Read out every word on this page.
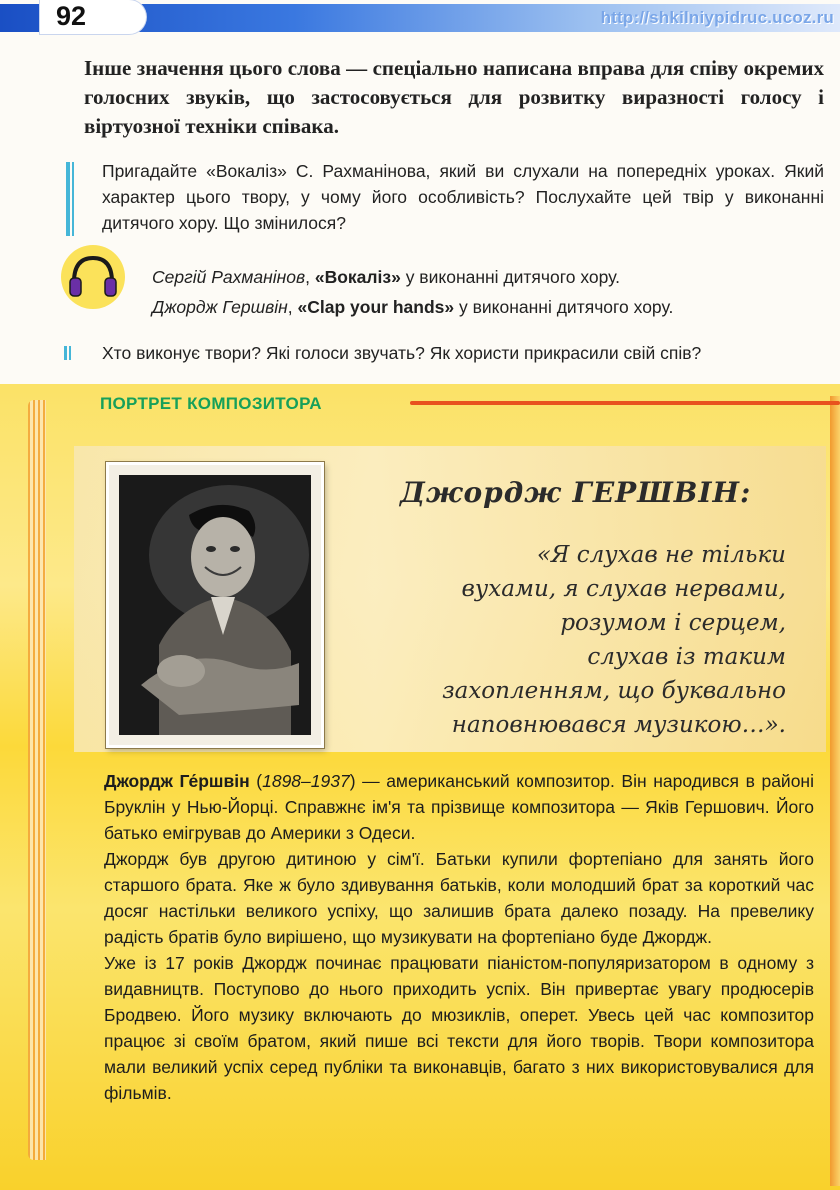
92	http://shkilniypidruc.ucoz.ru

Інше значення цього слова — спеціально написана вправа для співу окремих голосних звуків, що застосовується для розвитку виразності голосу і віртуозної техніки співака.

Пригадайте «Вокаліз» С. Рахманінова, який ви слухали на попередніх уроках. Який характер цього твору, у чому його особливість? Послухайте цей твір у виконанні дитячого хору. Що змінилося?

Сергій Рахманінов, «Вокаліз» у виконанні дитячого хору.
Джордж Гершвін, «Clap your hands» у виконанні дитячого хору.

Хто виконує твори? Які голоси звучать? Як хористи прикрасили свій спів?

ПОРТРЕТ КОМПОЗИТОРА
Джордж ГЕРШВІН:
«Я слухав не тільки
вухами, я слухав нервами,
розумом і серцем,
слухав із таким
захопленням, що буквально
наповнювався музикою…».

Джордж Ге́ршвін (1898–1937) — американський композитор. Він народився в районі Бруклін у Нью-Йорці. Справжнє ім'я та прізвище композитора — Яків Гершович. Його батько емігрував до Америки з Одеси.

Джордж був другою дитиною у сім'ї. Батьки купили фортепіано для занять його старшого брата. Яке ж було здивування батьків, коли молодший брат за короткий час досяг настільки великого успіху, що залишив брата далеко позаду. На превелику радість братів було вирішено, що музикувати на фортепіано буде Джордж.

Уже із 17 років Джордж починає працювати піаністом-популяризатором в одному з видавництв. Поступово до нього приходить успіх. Він привертає увагу продюсерів Бродвею. Його музику включають до мюзиклів, оперет. Увесь цей час композитор працює зі своїм братом, який пише всі тексти для його творів. Твори композитора мали великий успіх серед публіки та виконавців, багато з них використовувалися для фільмів.
